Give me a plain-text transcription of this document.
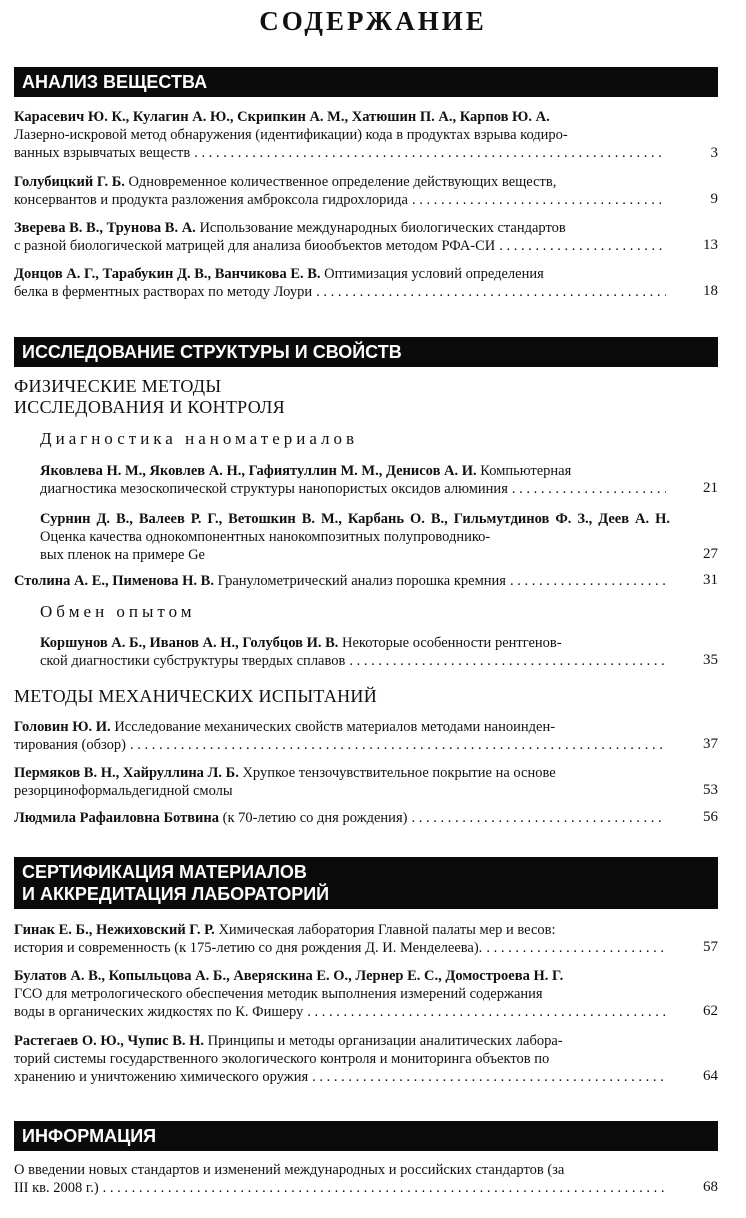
СОДЕРЖАНИЕ
АНАЛИЗ ВЕЩЕСТВА
Карасевич Ю. К., Кулагин А. Ю., Скрипкин А. М., Хатюшин П. А., Карпов Ю. А.
Лазерно-искровой метод обнаружения (идентификации) кода в продуктах взрыва кодиро-
ванных взрывчатых веществ . . .	3
Голубицкий Г. Б. Одновременное количественное определение действующих веществ,
консервантов и продукта разложения амброксола гидрохлорида . . .	9
Зверева В. В., Трунова В. А. Использование международных биологических стандартов
с разной биологической матрицей для анализа биообъектов методом РФА-СИ . . .	13
Донцов А. Г., Тарабукин Д. В., Ванчикова Е. В. Оптимизация условий определения
белка в ферментных растворах по методу Лоури . . .	18
ИССЛЕДОВАНИЕ СТРУКТУРЫ И СВОЙСТВ
ФИЗИЧЕСКИЕ МЕТОДЫ
ИССЛЕДОВАНИЯ И КОНТРОЛЯ
Диагностика наноматериалов
Яковлева Н. М., Яковлев А. Н., Гафиятуллин М. М., Денисов А. И. Компьютерная
диагностика мезоскопической структуры нанопористых оксидов алюминия . . .	21
Сурнин Д. В., Валеев Р. Г., Ветошкин В. М., Карбань О. В., Гильмутдинов Ф. З., Деев А. Н. Оценка качества однокомпонентных нанокомпозитных полупроводнико-
вых пленок на примере Ge	27
Столина А. Е., Пименова Н. В. Гранулометрический анализ порошка кремния . . .	31
Обмен опытом
Коршунов А. Б., Иванов А. Н., Голубцов И. В. Некоторые особенности рентгенов-
ской диагностики субструктуры твердых сплавов . . .	35
МЕТОДЫ МЕХАНИЧЕСКИХ ИСПЫТАНИЙ
Головин Ю. И. Исследование механических свойств материалов методами наноинден-
тирования (обзор) . . .	37
Пермяков В. Н., Хайруллина Л. Б. Хрупкое тензочувствительное покрытие на основе
резорциноформальдегидной смолы	53
Людмила Рафаиловна Ботвина (к 70-летию со дня рождения) . . .	56
СЕРТИФИКАЦИЯ МАТЕРИАЛОВ
И АККРЕДИТАЦИЯ ЛАБОРАТОРИЙ
Гинак Е. Б., Нежиховский Г. Р. Химическая лаборатория Главной палаты мер и весов:
история и современность (к 175-летию со дня рождения Д. И. Менделеева). . . .	57
Булатов А. В., Копыльцова А. Б., Аверяскина Е. О., Лернер Е. С., Домостроева Н. Г.
ГСО для метрологического обеспечения методик выполнения измерений содержания
воды в органических жидкостях по К. Фишеру . . .	62
Растегаев О. Ю., Чупис В. Н. Принципы и методы организации аналитических лабора-
торий системы государственного экологического контроля и мониторинга объектов по
хранению и уничтожению химического оружия . . .	64
ИНФОРМАЦИЯ
О введении новых стандартов и изменений международных и российских стандартов (за
III кв. 2008 г.) . . .	68
